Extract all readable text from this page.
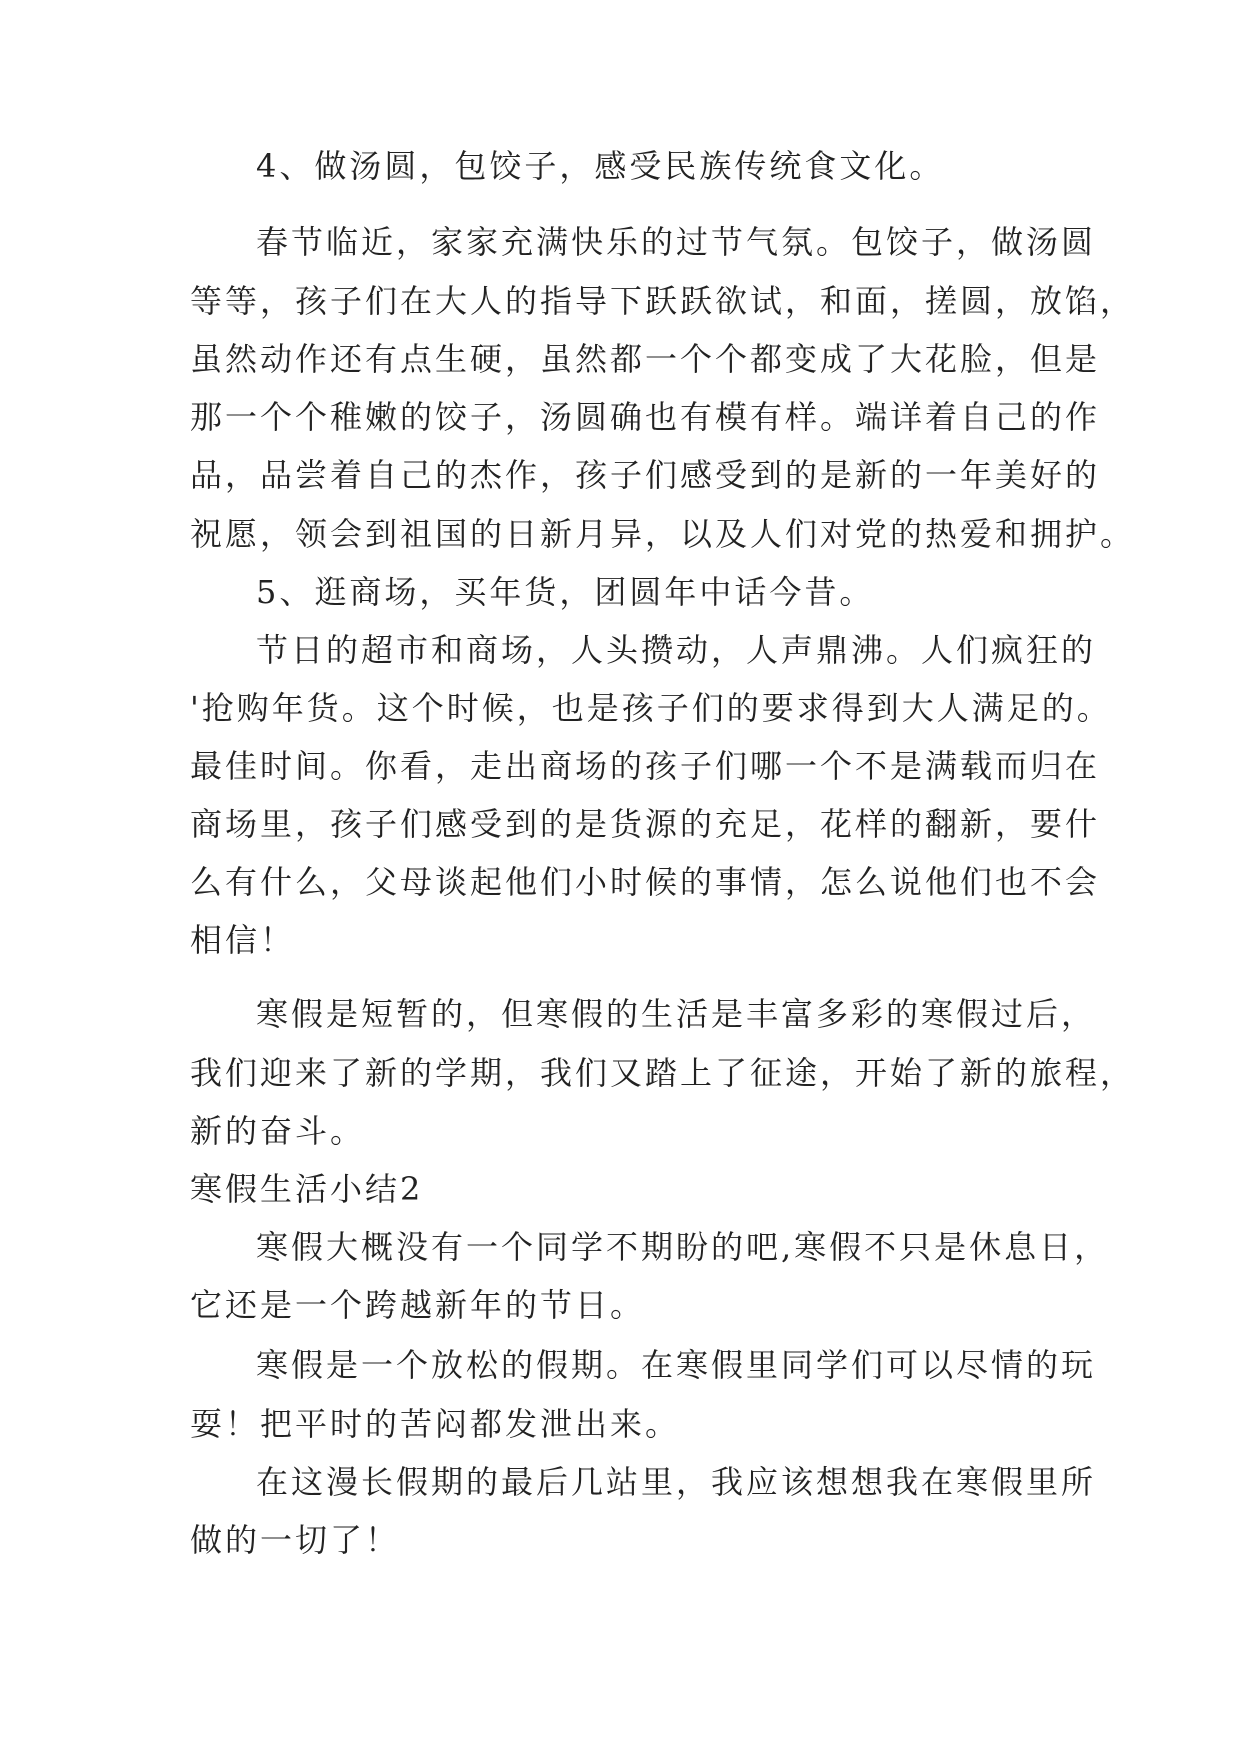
4、做汤圆，包饺子，感受民族传统食文化。
春节临近，家家充满快乐的过节气氛。包饺子，做汤圆
等等，孩子们在大人的指导下跃跃欲试，和面，搓圆，放馅，
虽然动作还有点生硬，虽然都一个个都变成了大花脸，但是
那一个个稚嫩的饺子，汤圆确也有模有样。端详着自己的作
品，品尝着自己的杰作，孩子们感受到的是新的一年美好的
祝愿，领会到祖国的日新月异，以及人们对党的热爱和拥护。
5、逛商场，买年货，团圆年中话今昔。
节日的超市和商场，人头攒动，人声鼎沸。人们疯狂的
'抢购年货。这个时候，也是孩子们的要求得到大人满足的。
最佳时间。你看，走出商场的孩子们哪一个不是满载而归在
商场里，孩子们感受到的是货源的充足，花样的翻新，要什
么有什么，父母谈起他们小时候的事情，怎么说他们也不会
相信！
寒假是短暂的，但寒假的生活是丰富多彩的寒假过后，
我们迎来了新的学期，我们又踏上了征途，开始了新的旅程，
新的奋斗。
寒假生活小结2
寒假大概没有一个同学不期盼的吧,寒假不只是休息日，
它还是一个跨越新年的节日。
寒假是一个放松的假期。在寒假里同学们可以尽情的玩
耍！把平时的苦闷都发泄出来。
在这漫长假期的最后几站里，我应该想想我在寒假里所
做的一切了！
